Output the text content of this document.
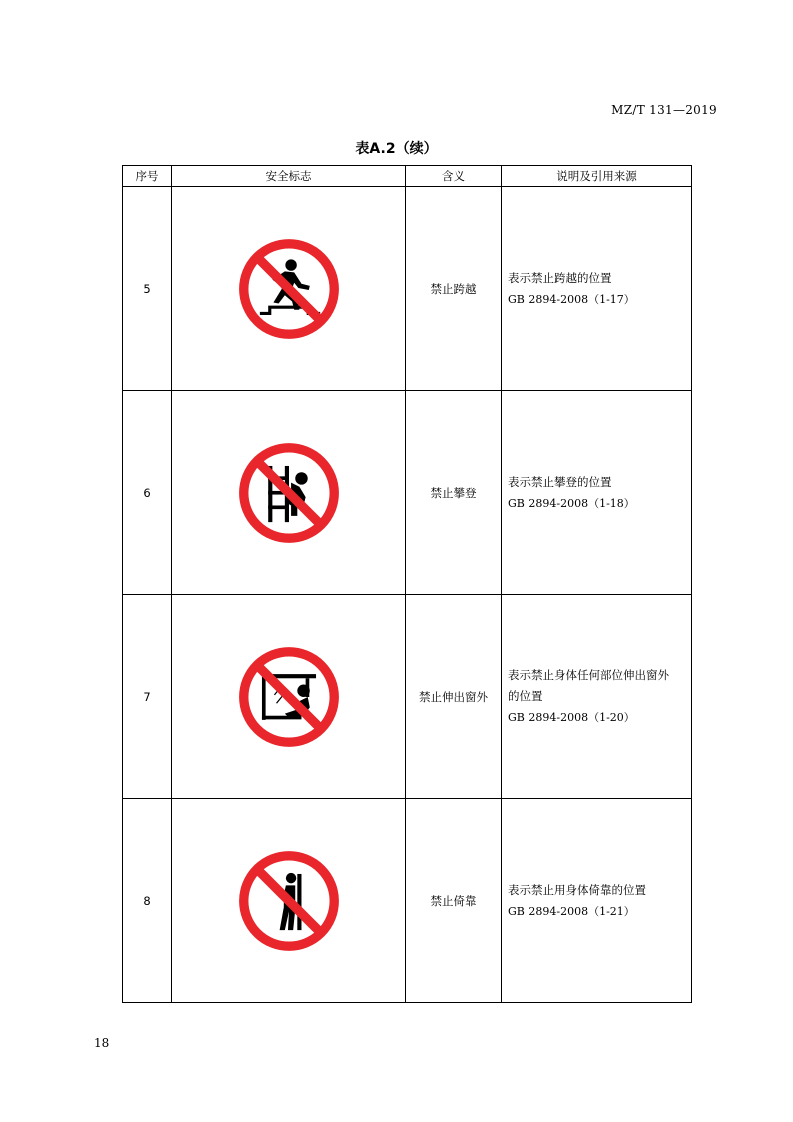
MZ/T 131—2019
表A.2（续）
序号	安全标志	含义	说明及引用来源
5		禁止跨越	表示禁止跨越的位置
GB 2894-2008（1-17）

6		禁止攀登	表示禁止攀登的位置
GB 2894-2008（1-18）

7		禁止伸出窗外	表示禁止身体任何部位伸出窗外
的位置
GB 2894-2008（1-20）

8		禁止倚靠	表示禁止用身体倚靠的位置
GB 2894-2008（1-21）
18
